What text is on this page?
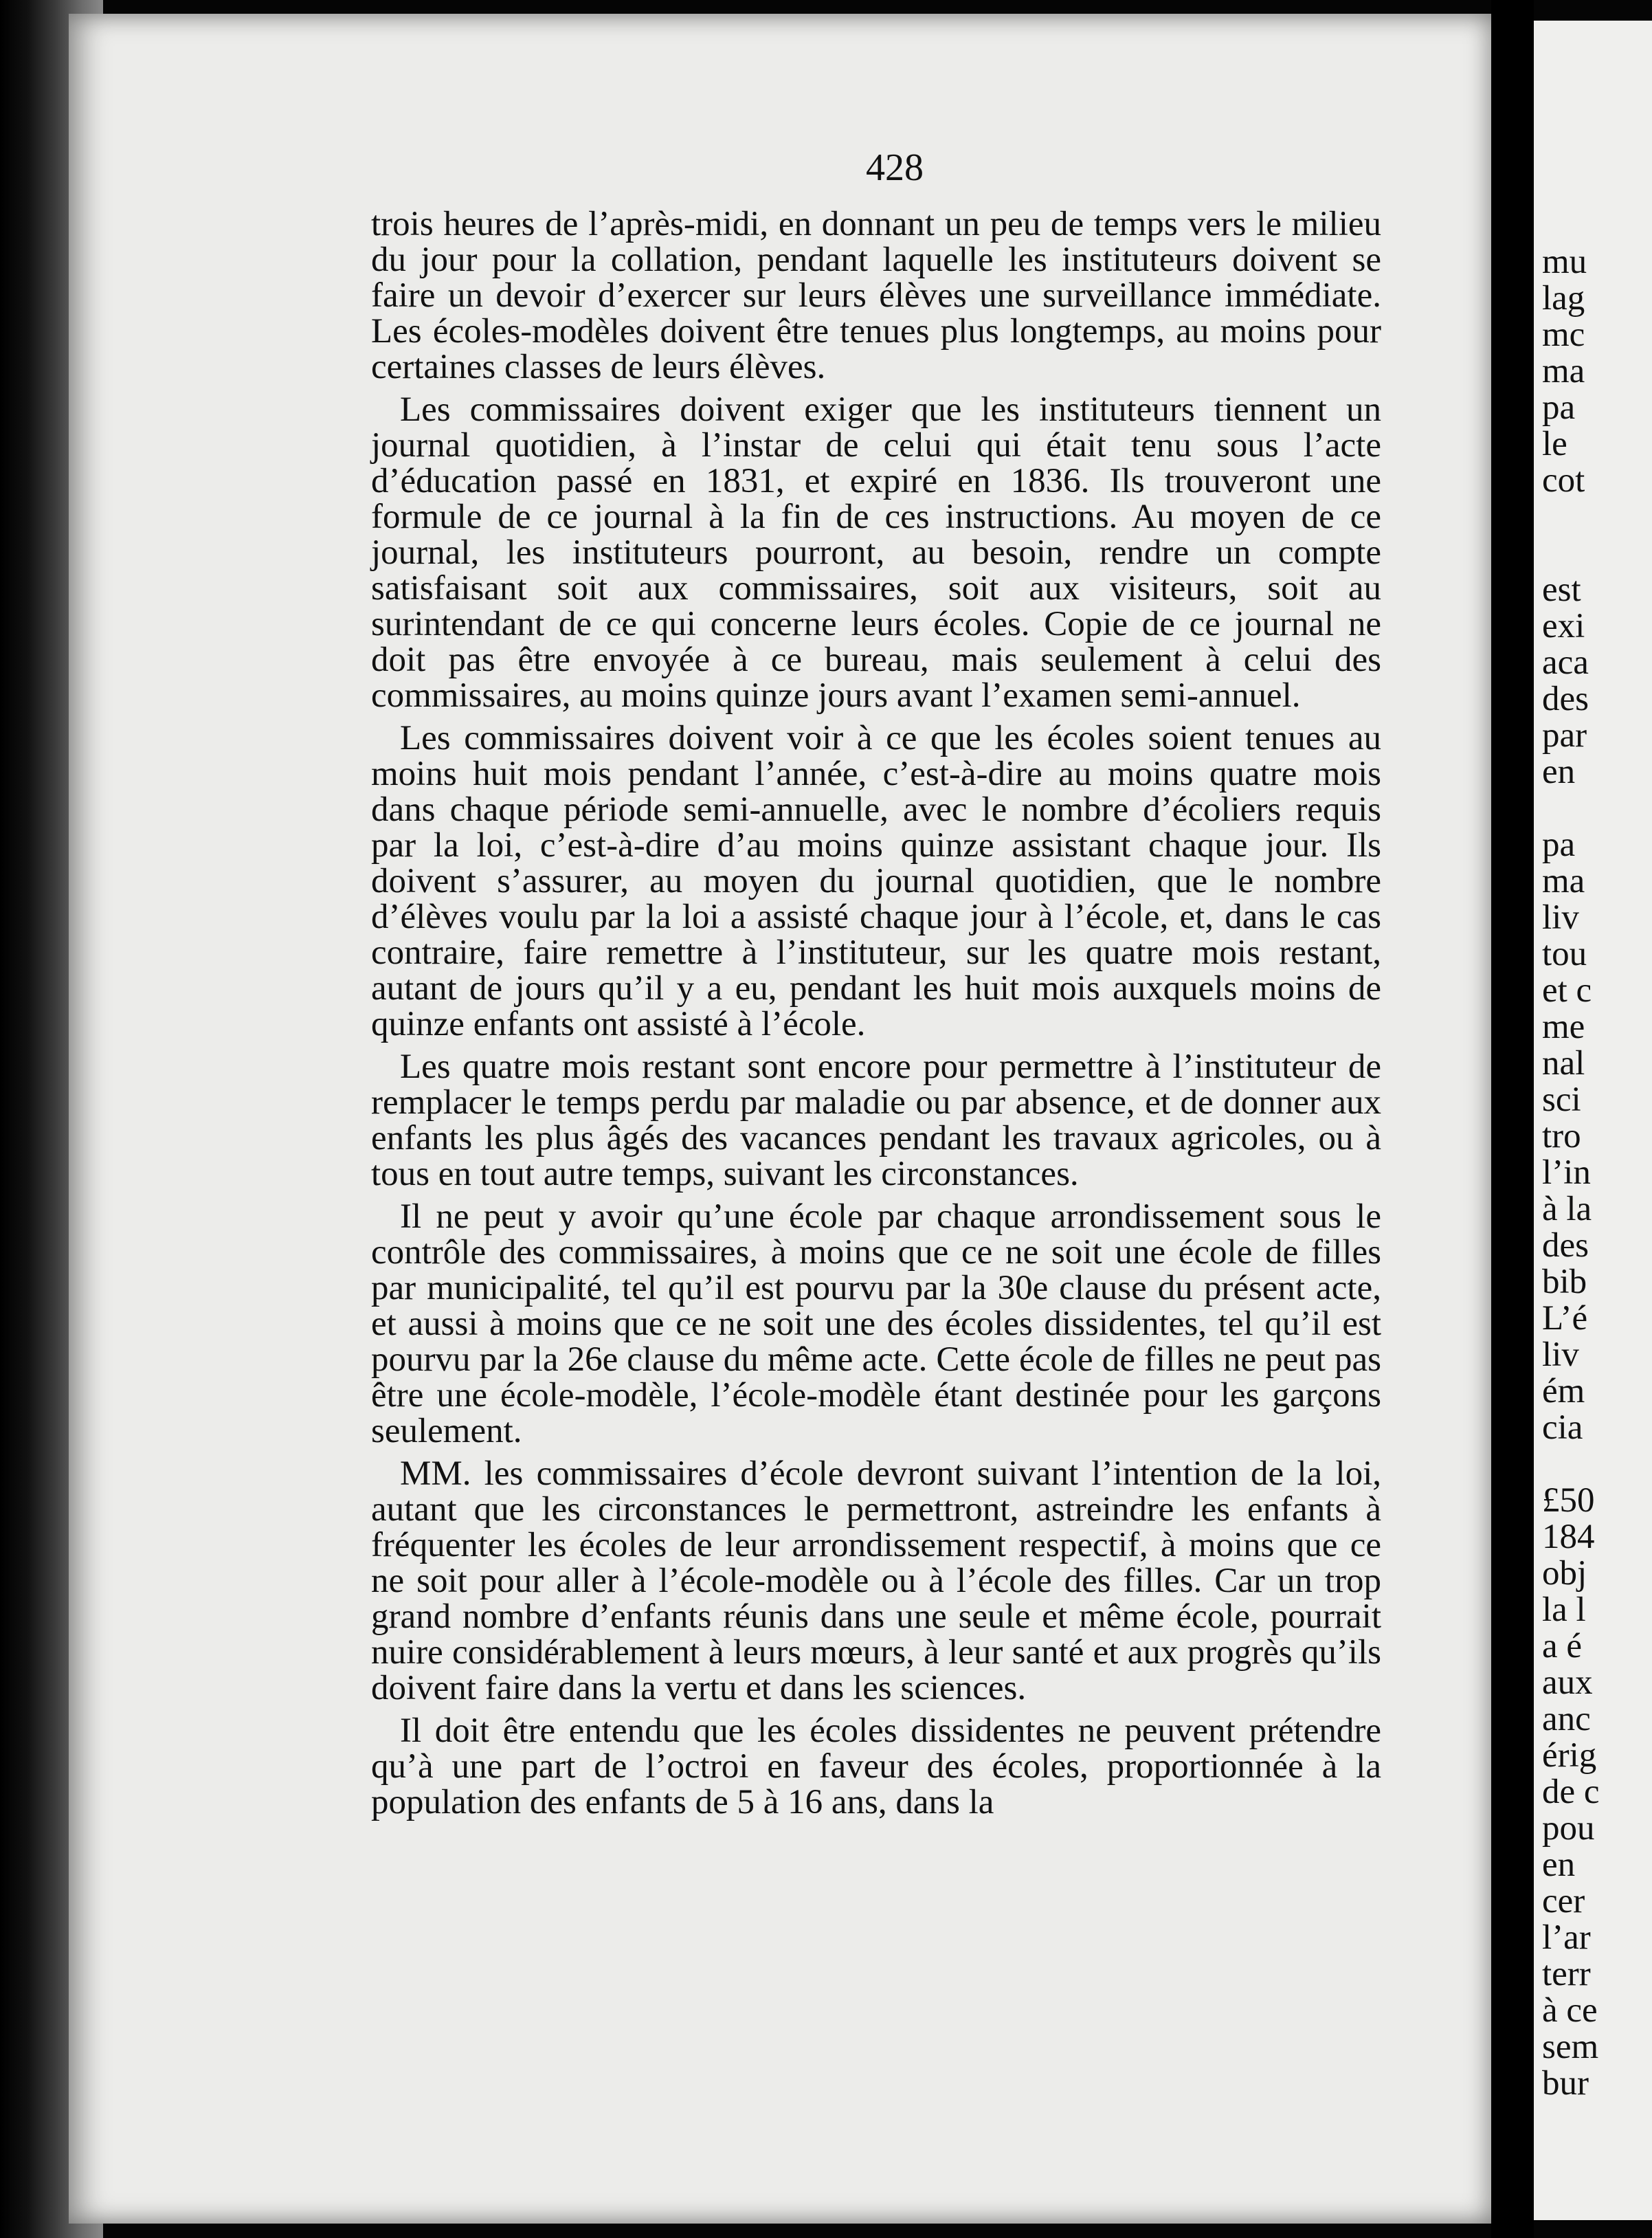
428

trois heures de l’après-midi, en donnant un peu de temps vers le milieu du jour pour la collation, pendant laquelle les instituteurs doivent se faire un devoir d’exercer sur leurs élèves une surveillance immédiate. Les écoles-modèles doivent être tenues plus longtemps, au moins pour certaines classes de leurs élèves.

Les commissaires doivent exiger que les instituteurs tiennent un journal quotidien, à l’instar de celui qui était tenu sous l’acte d’éducation passé en 1831, et expiré en 1836. Ils trouveront une formule de ce journal à la fin de ces instructions. Au moyen de ce journal, les instituteurs pourront, au besoin, rendre un compte satisfaisant soit aux commissaires, soit aux visiteurs, soit au surintendant de ce qui concerne leurs écoles. Copie de ce journal ne doit pas être envoyée à ce bureau, mais seulement à celui des commissaires, au moins quinze jours avant l’examen semi-annuel.

Les commissaires doivent voir à ce que les écoles soient tenues au moins huit mois pendant l’année, c’est-à-dire au moins quatre mois dans chaque période semi-annuelle, avec le nombre d’écoliers requis par la loi, c’est-à-dire d’au moins quinze assistant chaque jour. Ils doivent s’assurer, au moyen du journal quotidien, que le nombre d’élèves voulu par la loi a assisté chaque jour à l’école, et, dans le cas contraire, faire remettre à l’instituteur, sur les quatre mois restant, autant de jours qu’il y a eu, pendant les huit mois auxquels moins de quinze enfants ont assisté à l’école.

Les quatre mois restant sont encore pour permettre à l’instituteur de remplacer le temps perdu par maladie ou par absence, et de donner aux enfants les plus âgés des vacances pendant les travaux agricoles, ou à tous en tout autre temps, suivant les circonstances.

Il ne peut y avoir qu’une école par chaque arrondissement sous le contrôle des commissaires, à moins que ce ne soit une école de filles par municipalité, tel qu’il est pourvu par la 30e clause du présent acte, et aussi à moins que ce ne soit une des écoles dissidentes, tel qu’il est pourvu par la 26e clause du même acte. Cette école de filles ne peut pas être une école-modèle, l’école-modèle étant destinée pour les garçons seulement.

MM. les commissaires d’école devront suivant l’intention de la loi, autant que les circonstances le permettront, astreindre les enfants à fréquenter les écoles de leur arrondissement respectif, à moins que ce ne soit pour aller à l’école-modèle ou à l’école des filles. Car un trop grand nombre d’enfants réunis dans une seule et même école, pourrait nuire considérablement à leurs mœurs, à leur santé et aux progrès qu’ils doivent faire dans la vertu et dans les sciences.

Il doit être entendu que les écoles dissidentes ne peuvent prétendre qu’à une part de l’octroi en faveur des écoles, proportionnée à la population des enfants de 5 à 16 ans, dans la

mu
lag
mc
ma
pa
le
cot
est
exi
aca
des
par
en
pa
ma
liv
tou
et c
me
nal
sci
tro
l’in
à la
des
bib
L’é
liv
ém
cia
£50
184
obj
la l
a é
aux
anc
érig
de c
pou
en
cer
l’ar
terr
à ce
sem
bur
